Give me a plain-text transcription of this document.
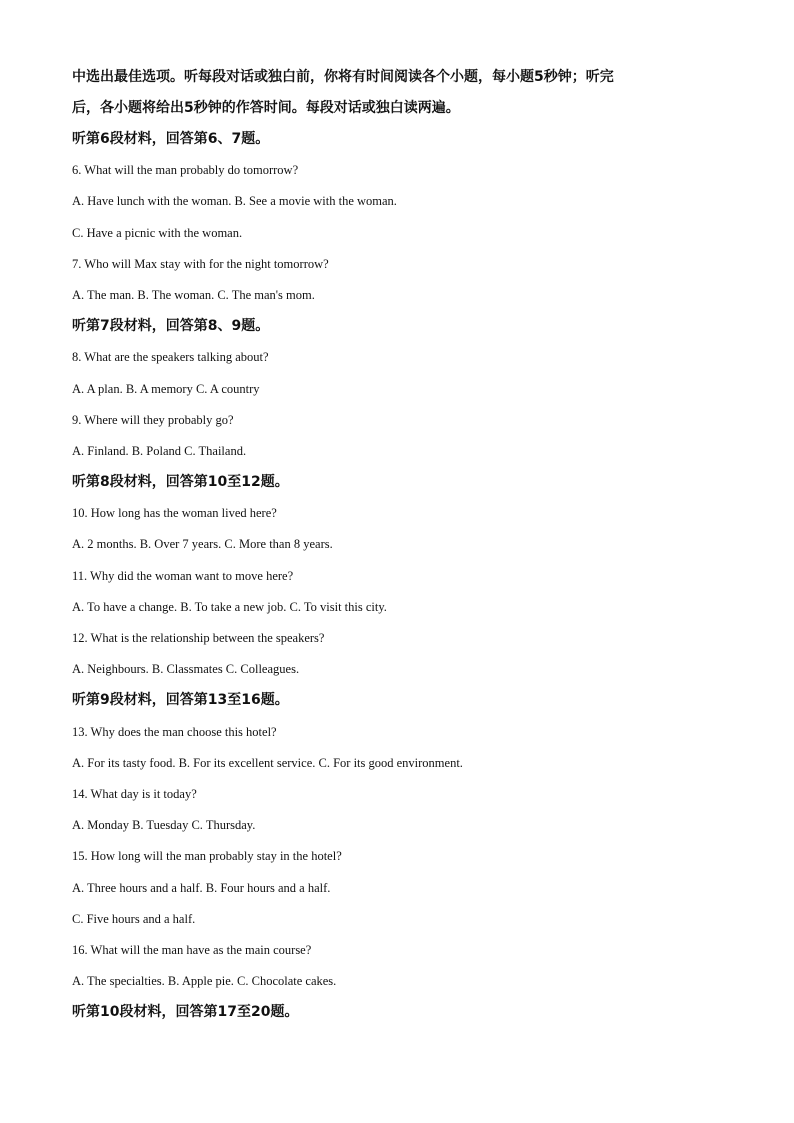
中选出最佳选项。听每段对话或独白前，你将有时间阅读各个小题，每小题5秒钟；听完

后，各小题将给出5秒钟的作答时间。每段对话或独白读两遍。

听第6段材料，回答第6、7题。

6. What will the man probably do tomorrow?

A. Have lunch with the woman. B. See a movie with the woman.

C. Have a picnic with the woman.

7. Who will Max stay with for the night tomorrow?

A. The man. B. The woman. C. The man's mom.

听第7段材料，回答第8、9题。

8. What are the speakers talking about?

A. A plan. B. A memory C. A country

9. Where will they probably go?

A. Finland. B. Poland C. Thailand.

听第8段材料，回答第10至12题。

10. How long has the woman lived here?

A. 2 months. B. Over 7 years. C. More than 8 years.

11. Why did the woman want to move here?

A. To have a change. B. To take a new job. C. To visit this city.

12. What is the relationship between the speakers?

A. Neighbours. B. Classmates C. Colleagues.

听第9段材料，回答第13至16题。

13. Why does the man choose this hotel?

A. For its tasty food. B. For its excellent service. C. For its good environment.

14. What day is it today?

A. Monday B. Tuesday C. Thursday.

15. How long will the man probably stay in the hotel?

A. Three hours and a half. B. Four hours and a half.

C. Five hours and a half.

16. What will the man have as the main course?

A. The specialties. B. Apple pie. C. Chocolate cakes.

听第10段材料，回答第17至20题。
